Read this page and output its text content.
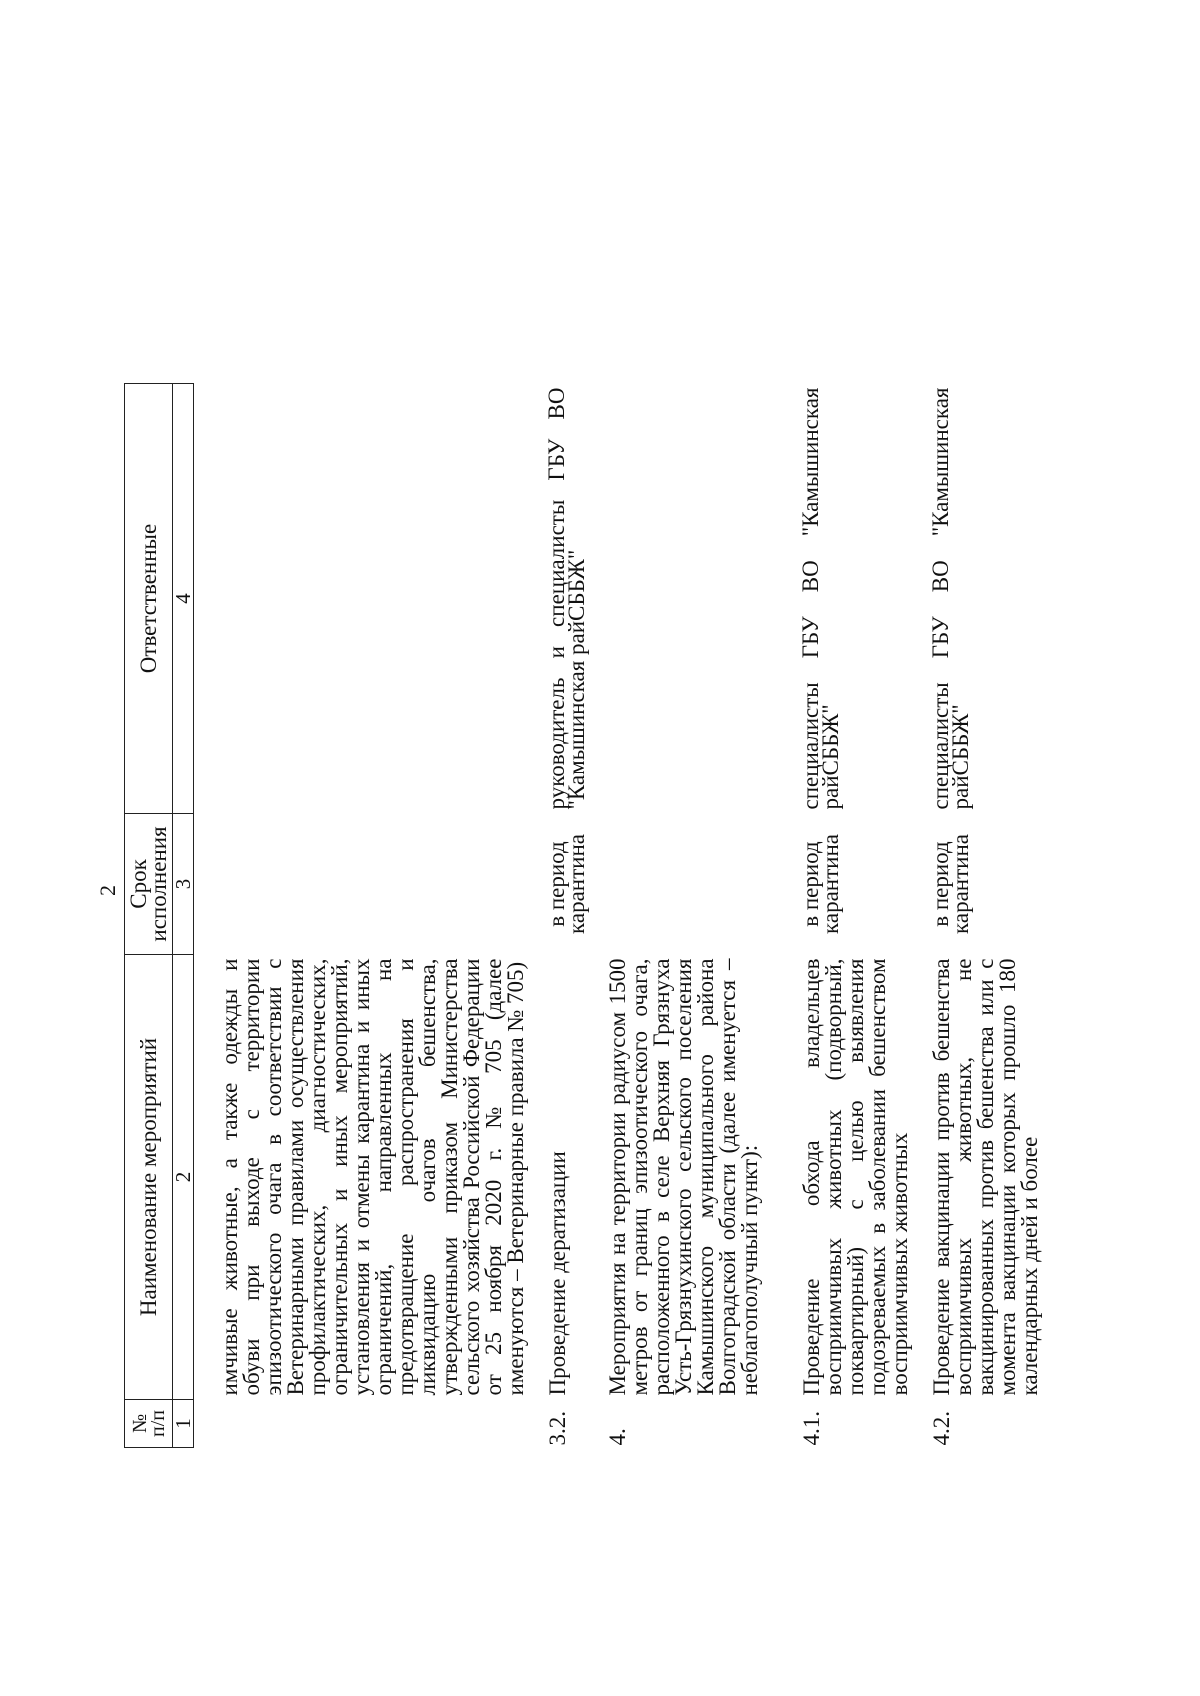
2
№ п/п	Наименование мероприятий	Срок исполнения	Ответственные
1	2	3	4
	имчивые животные, а также одежды и обуви при выходе с территории эпизоотического очага в соответствии с Ветеринарными правилами осуществления профилактических, диагностических, ограничительных и иных мероприятий, установления и отмены карантина и иных ограничений, направленных на предотвращение распространения и ликвидацию очагов бешенства, утвержденными приказом Министерства сельского хозяйства Российской Федерации от 25 ноября 2020 г. № 705 (далее именуются – Ветеринарные правила № 705)		
3.2.	Проведение дератизации	в период карантина	руководитель и специалисты ГБУ ВО "Камышинская райСББЖ"
4.	Мероприятия на территории радиусом 1500 метров от границ эпизоотического очага, расположенного в селе Верхняя Грязнуха Усть-Грязнухинского сельского поселения Камышинского муниципального района Волгоградской области (далее именуется – неблагополучный пункт):		
4.1.	Проведение обхода владельцев восприимчивых животных (подворный, поквартирный) с целью выявления подозреваемых в заболевании бешенством восприимчивых животных	в период карантина	специалисты ГБУ ВО "Камышинская райСББЖ"
4.2.	Проведение вакцинации против бешенства восприимчивых животных, не вакцинированных против бешенства или с момента вакцинации которых прошло 180 календарных дней и более	в период карантина	специалисты ГБУ ВО "Камышинская райСББЖ"
